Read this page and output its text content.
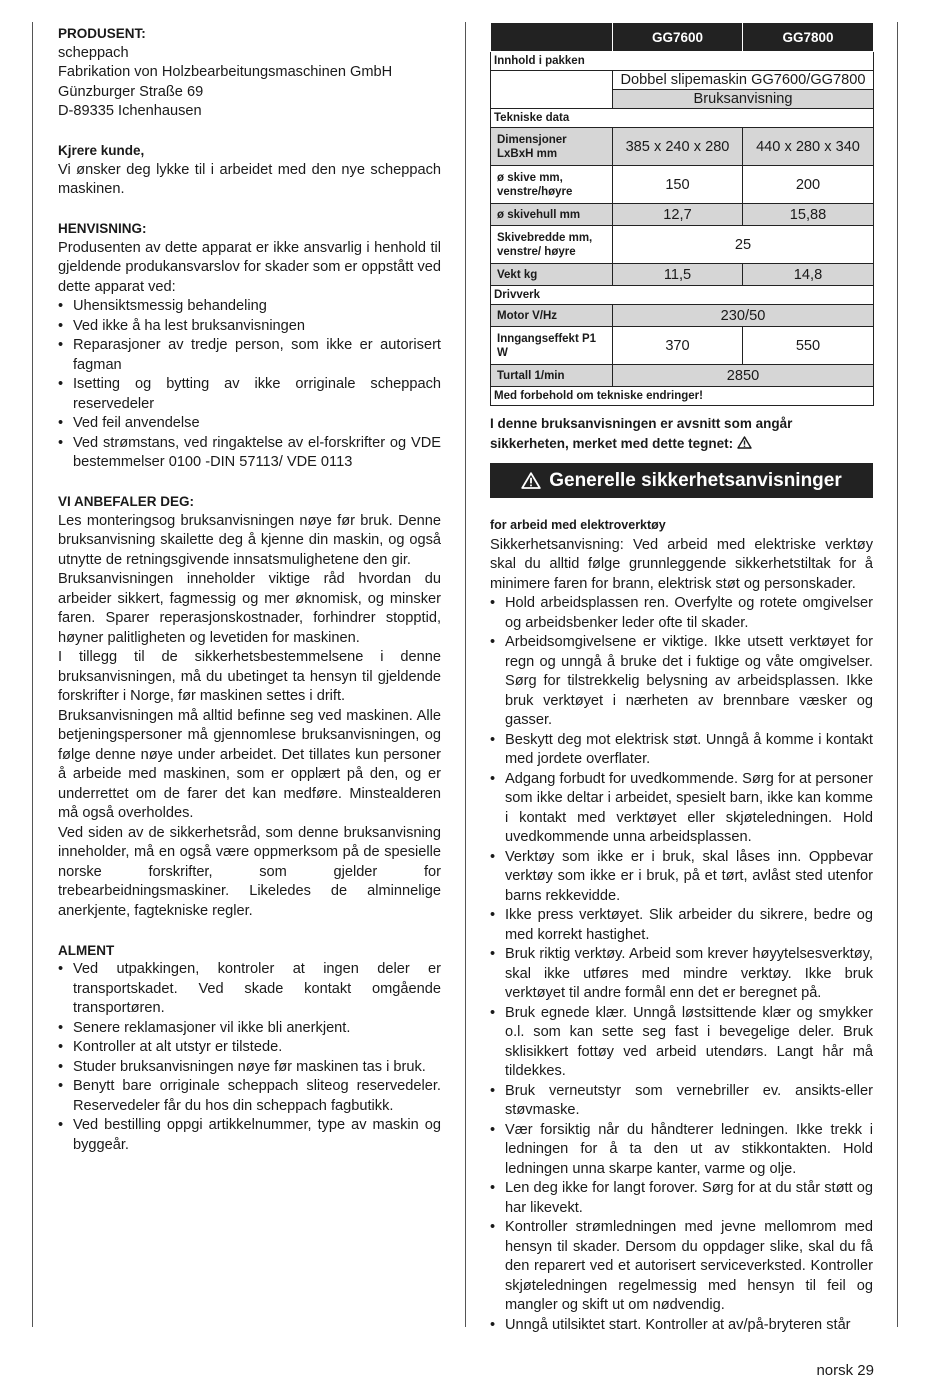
PRODUSENT:

scheppach

Fabrikation von Holzbearbeitungsmaschinen GmbH

Günzburger Straße 69

D-89335 Ichenhausen

Kjrere kunde,

Vi ønsker deg lykke til i arbeidet med den nye scheppach maskinen.

HENVISNING:

Produsenten av dette apparat er ikke ansvarlig i henhold til gjeldende produkansvarslov for skader som er oppstått ved dette apparat ved:

• Uhensiktsmessig behandeling
• Ved ikke å ha lest bruksanvisningen
• Reparasjoner av tredje person, som ikke er autorisert fagman
• Isetting og bytting av ikke orriginale scheppach reservedeler
• Ved feil anvendelse
• Ved strømstans, ved ringaktelse av el-forskrifter og VDE bestemmelser 0100 -DIN 57113/ VDE 0113
VI ANBEFALER DEG:

Les monteringsog bruksanvisningen nøye før bruk. Denne bruksanvisning skailette deg å kjenne din maskin, og også utnytte de retningsgivende innsatsmulighetene den gir.

Bruksanvisningen inneholder viktige råd hvordan du arbeider sikkert, fagmessig og mer øknomisk, og minsker faren. Sparer reperasjonskostnader, forhindrer stopptid, høyner palitligheten og levetiden for maskinen.

I tillegg til de sikkerhetsbestemmelsene i denne bruksanvisningen, må du ubetinget ta hensyn til gjeldende forskrifter i Norge, før maskinen settes i drift.

Bruksanvisningen må alltid befinne seg ved maskinen. Alle betjeningspersoner må gjennomlese bruksanvisningen, og følge denne nøye under arbeidet. Det tillates kun personer å arbeide med maskinen, som er opplært på den, og er underrettet om de farer det kan medføre. Minstealderen må også overholdes.

Ved siden av de sikkerhetsråd, som denne bruksanvisning inneholder, må en også være oppmerksom på de spesielle norske forskrifter, som gjelder for trebearbeidningsmaskiner. Likeledes de alminnelige anerkjente, fagtekniske regler.

ALMENT
• Ved utpakkingen, kontroler at ingen deler er transportskadet. Ved skade kontakt omgående transportøren.
• Senere reklamasjoner vil ikke bli anerkjent.
• Kontroller at alt utstyr er tilstede.
• Studer bruksanvisningen nøye før maskinen tas i bruk.
• Benytt bare orriginale scheppach sliteog reservedeler. Reservedeler får du hos din scheppach fagbutikk.
• Ved bestilling oppgi artikkelnummer, type av maskin og byggeår.
	GG7600	GG7800
Innhold i pakken		
	Dobbel slipemaskin GG7600/GG7800	
	Bruksanvisning	
Tekniske data		
Dimensjoner LxBxH mm	385 x 240 x 280	440 x 280 x 340
ø skive mm, venstre/høyre	150	200
ø skivehull mm	12,7	15,88
Skivebredde mm, venstre/ høyre	25	
Vekt kg	11,5	14,8
Drivverk		
Motor V/Hz	230/50	
Inngangseffekt P1 W	370	550
Turtall 1/min	2850	
Med forbehold om tekniske endringer!		
I denne bruksanvisningen er avsnitt som angår sikkerheten, merket med dette tegnet:
Generelle sikkerhetsanvisninger
for arbeid med elektroverktøy

Sikkerhetsanvisning: Ved arbeid med elektriske verktøy skal du alltid følge grunnleggende sikkerhetstiltak for å minimere faren for brann, elektrisk støt og personskader.

• Hold arbeidsplassen ren. Overfylte og rotete omgivelser og arbeidsbenker leder ofte til skader.
• Arbeidsomgivelsene er viktige. Ikke utsett verktøyet for regn og unngå å bruke det i fuktige og våte omgivelser. Sørg for tilstrekkelig belysning av arbeidsplassen. Ikke bruk verktøyet i nærheten av brennbare væsker og gasser.
• Beskytt deg mot elektrisk støt. Unngå å komme i kontakt med jordete overflater.
• Adgang forbudt for uvedkommende. Sørg for at personer som ikke deltar i arbeidet, spesielt barn, ikke kan komme i kontakt med verktøyet eller skjøteledningen. Hold uvedkommende unna arbeidsplassen.
• Verktøy som ikke er i bruk, skal låses inn. Oppbevar verktøy som ikke er i bruk, på et tørt, avlåst sted utenfor barns rekkevidde.
• Ikke press verktøyet. Slik arbeider du sikrere, bedre og med korrekt hastighet.
• Bruk riktig verktøy. Arbeid som krever høyytelsesverktøy, skal ikke utføres med mindre verktøy. Ikke bruk verktøyet til andre formål enn det er beregnet på.
• Bruk egnede klær. Unngå løstsittende klær og smykker o.l. som kan sette seg fast i bevegelige deler. Bruk sklisikkert fottøy ved arbeid utendørs. Langt hår må tildekkes.
• Bruk verneutstyr som vernebriller ev. ansikts-eller støvmaske.
• Vær forsiktig når du håndterer ledningen. Ikke trekk i ledningen for å ta den ut av stikkontakten. Hold ledningen unna skarpe kanter, varme og olje.
• Len deg ikke for langt forover. Sørg for at du står støtt og har likevekt.
• Kontroller strømledningen med jevne mellomrom med hensyn til skader. Dersom du oppdager slike, skal du få den reparert ved et autorisert serviceverksted. Kontroller skjøteledningen regelmessig med hensyn til feil og mangler og skift ut om nødvendig.
• Unngå utilsiktet start. Kontroller at av/på-bryteren står
norsk 29
